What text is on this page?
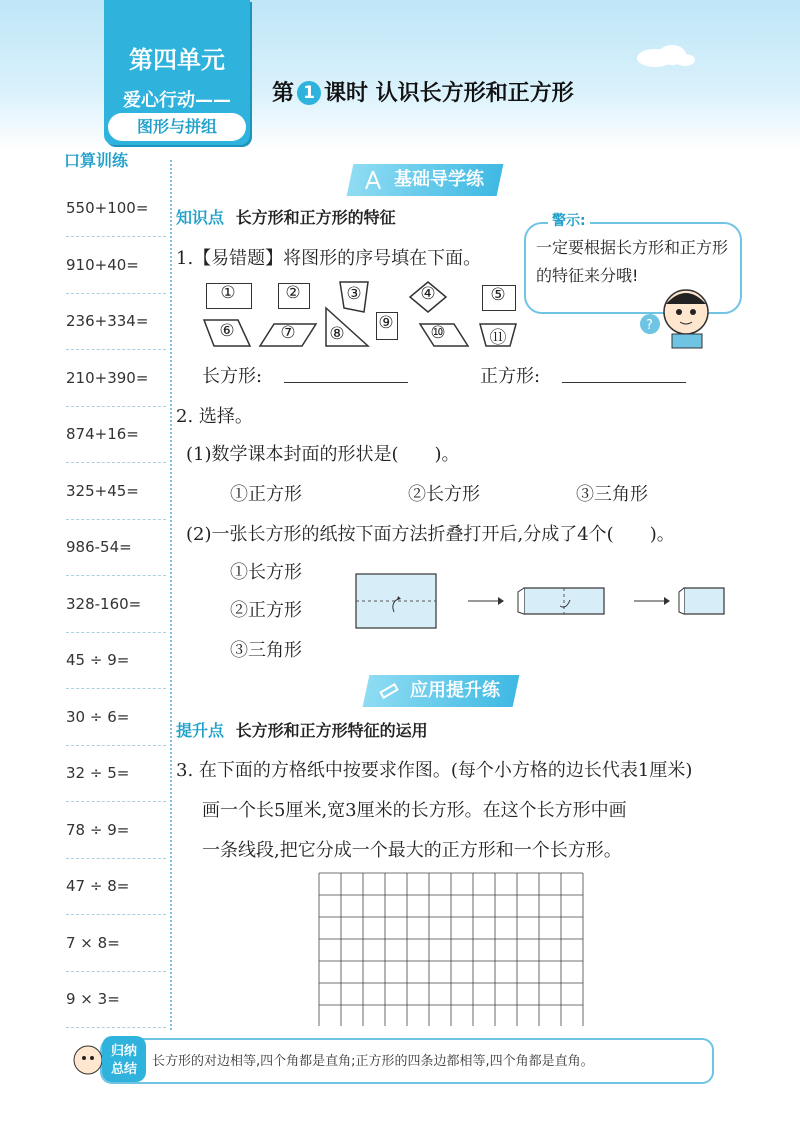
第四单元
爱心行动——
图形与拼组
第 1 课时 认识长方形和正方形
口算训练
550+100=
910+40=
236+334=
210+390=
874+16=
325+45=
986-54=
328-160=
45 ÷ 9=
30 ÷ 6=
32 ÷ 5=
78 ÷ 9=
47 ÷ 8=
7 × 8=
9 × 3=
基础导学练
知识点 长方形和正方形的特征
一定要根据长方形和正方形的特征来分哦!
警示:
?
1.【易错题】将图形的序号填在下面。
①	②	③	④	⑤
⑥	⑦	⑧
⑨	⑩	⑪
长方形:	正方形:
2. 选择。
(1)数学课本封面的形状是(　　)。
①正方形	②长方形	③三角形
(2)一张长方形的纸按下面方法折叠打开后,分成了4个(　　)。
①长方形
②正方形
③三角形
应用提升练
提升点 长方形和正方形特征的运用
3. 在下面的方格纸中按要求作图。(每个小方格的边长代表1厘米)
画一个长5厘米,宽3厘米的长方形。在这个长方形中画
一条线段,把它分成一个最大的正方形和一个长方形。
归纳
总结
长方形的对边相等,四个角都是直角;正方形的四条边都相等,四个角都是直角。
